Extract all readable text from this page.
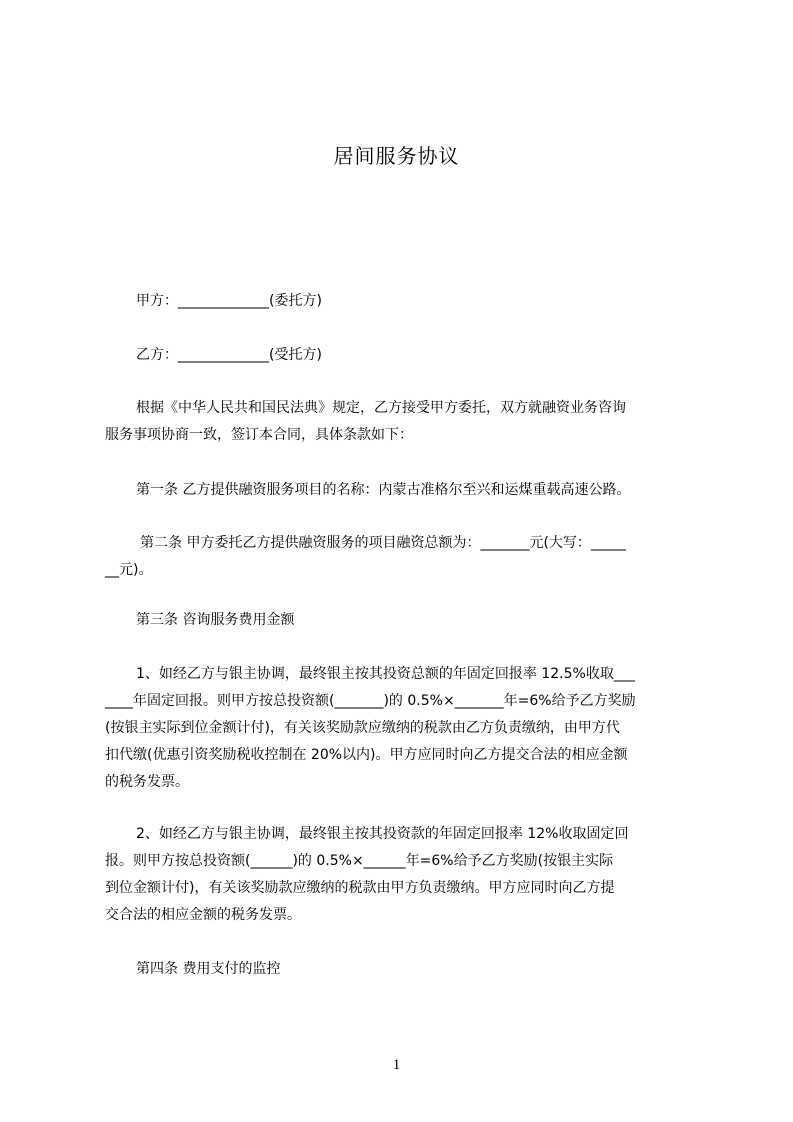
居间服务协议
甲方：_____________(委托方)
乙方：_____________(受托方)
根据《中华人民共和国民法典》规定，乙方接受甲方委托，双方就融资业务咨询
服务事项协商一致，签订本合同，具体条款如下：
第一条 乙方提供融资服务项目的名称：内蒙古准格尔至兴和运煤重载高速公路。
第二条 甲方委托乙方提供融资服务的项目融资总额为：_______元(大写：_____
__元)。
第三条 咨询服务费用金额
1、如经乙方与银主协调，最终银主按其投资总额的年固定回报率 12.5%收取___
____年固定回报。则甲方按总投资额(_______)的 0.5%×_______年=6%给予乙方奖励
(按银主实际到位金额计付)，有关该奖励款应缴纳的税款由乙方负责缴纳，由甲方代
扣代缴(优惠引资奖励税收控制在 20%以内)。甲方应同时向乙方提交合法的相应金额
的税务发票。
2、如经乙方与银主协调，最终银主按其投资款的年固定回报率 12%收取固定回
报。则甲方按总投资额(______)的 0.5%×______年=6%给予乙方奖励(按银主实际
到位金额计付)，有关该奖励款应缴纳的税款由甲方负责缴纳。甲方应同时向乙方提
交合法的相应金额的税务发票。
第四条 费用支付的监控
1
